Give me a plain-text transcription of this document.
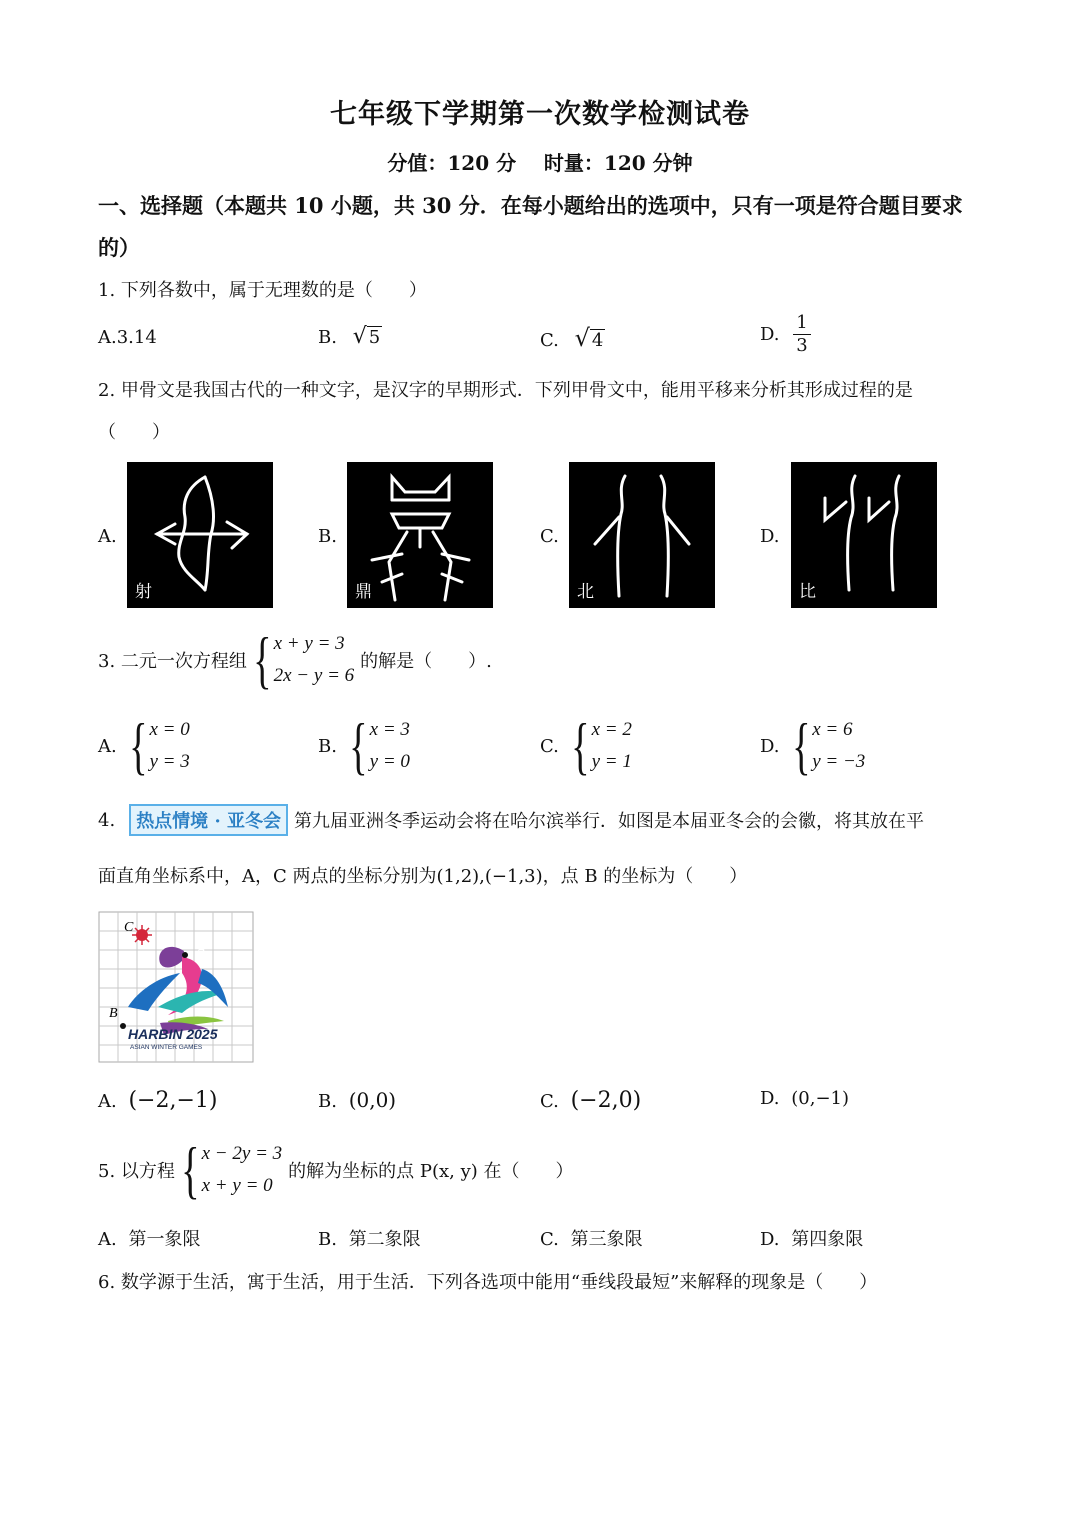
七年级下学期第一次数学检测试卷
分值：120 分    时量：120 分钟
一、选择题（本题共 10 小题，共 30 分．在每小题给出的选项中，只有一项是符合题目要求
的）
1. 下列各数中，属于无理数的是（　　）
A.3.14	B. √ 5	C. √ 4	D. $\frac{1}{3}$
2. 甲骨文是我国古代的一种文字，是汉字的早期形式．下列甲骨文中，能用平移来分析其形成过程的是
（　　）
A.
射
B.
鼎
C.
北
D.
比
3. 二元一次方程组 { x + y = 3
2x − y = 6
的解是（　　）.
A. { x = 0
y = 3
B. { x = 3
y = 0
C. { x = 2
y = 1
D. { x = 6
y = −3
4.	热点情境 · 亚冬会 第九届亚洲冬季运动会将在哈尔滨举行．如图是本届亚冬会的会徽，将其放在平
面直角坐标系中，A，C 两点的坐标分别为(1,2),(−1,3)，点 B 的坐标为（　　）
C
A
B
HARBIN 2025
ASIAN WINTER GAMES
A. (−2,−1)	B. (0,0)	C. (−2,0)	D. (0,−1)
5. 以方程 { x − 2y = 3
x + y = 0
的解为坐标的点 P(x, y) 在（　　）
A. 第一象限	B. 第二象限	C. 第三象限	D. 第四象限
6. 数学源于生活，寓于生活，用于生活．下列各选项中能用“垂线段最短”来解释的现象是（　　）
